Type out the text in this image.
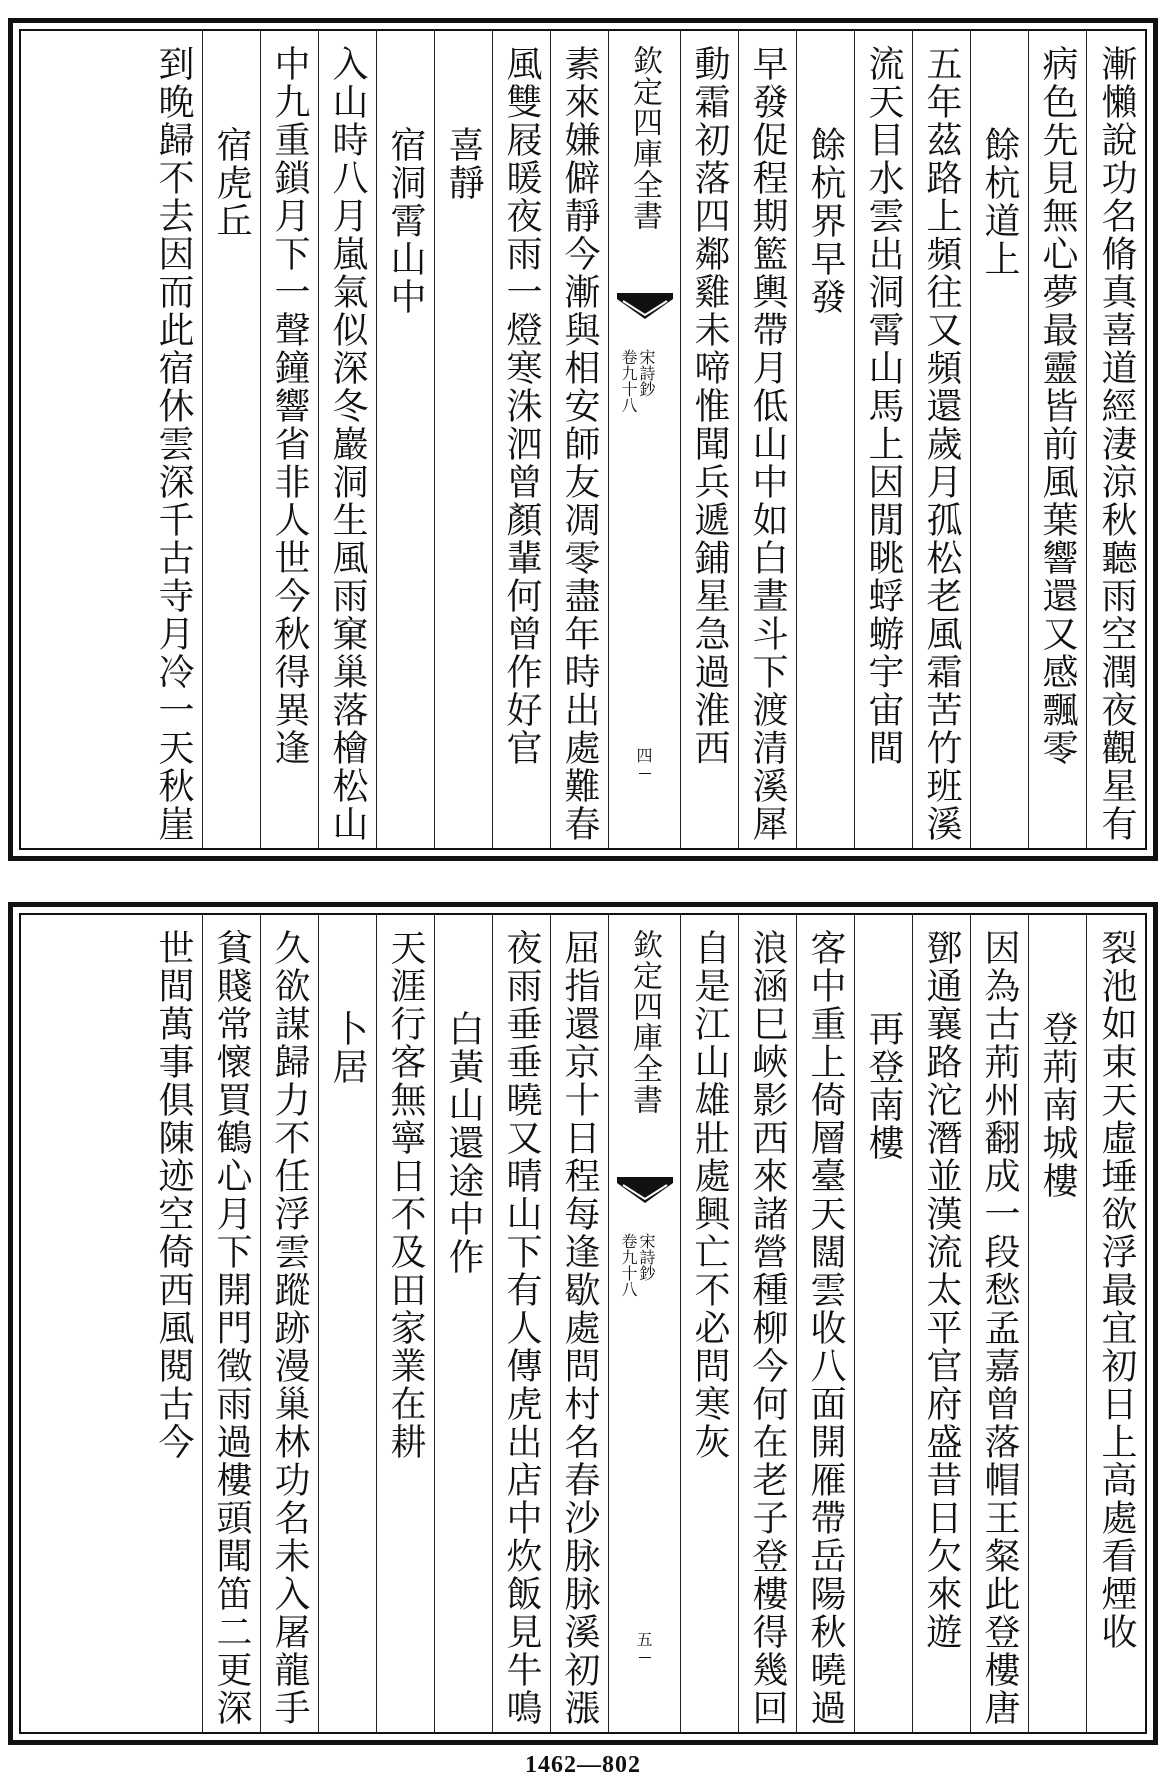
漸懶說功名脩真喜道經淒涼秋聽雨空潤夜觀星有
病色先見無心夢最靈皆前風葉響還又感飄零
餘杭道上
五年茲路上頻往又頻還歲月孤松老風霜苦竹班溪
流天目水雲出洞霄山馬上因閒眺蜉蝣宇宙間
餘杭界早發
早發促程期籃輿帶月低山中如白晝斗下渡清溪犀
動霜初落四鄰雞未啼惟聞兵遞鋪星急過淮西
欽定四庫全書
宋詩鈔
卷九十八
四
素來嫌僻靜今漸與相安師友凋零盡年時出處難春
風雙屐暖夜雨一燈寒洙泗曾顏輩何曾作好官
喜靜
宿洞霄山中
入山時八月嵐氣似深冬巖洞生風雨窠巢落檜松山
中九重鎖月下一聲鐘響省非人世今秋得異逢
宿虎丘
到晚歸不去因而此宿休雲深千古寺月冷一天秋崖
裂池如束天虛埵欲浮最宜初日上高處看煙收
登荊南城樓
因為古荊州翻成一段愁孟嘉曾落帽王粲此登樓唐
鄧通襄路沱潛並漢流太平官府盛昔日欠來遊
再登南樓
客中重上倚層臺天闊雲收八面開雁帶岳陽秋曉過
浪涵巳峽影西來諸營種柳今何在老子登樓得幾回
自是江山雄壯處興亡不必問寒灰
欽定四庫全書
宋詩鈔
卷九十八
五
屈指還京十日程每逢歇處問村名春沙脉脉溪初漲
夜雨垂垂曉又晴山下有人傳虎出店中炊飯見牛鳴
白黃山還途中作
天涯行客無寧日不及田家業在耕
卜居
久欲謀歸力不任浮雲蹤跡漫巢林功名未入屠龍手
貧賤常懷買鶴心月下開門徵雨過樓頭聞笛二更深
世間萬事俱陳迹空倚西風閱古今
1462—802
